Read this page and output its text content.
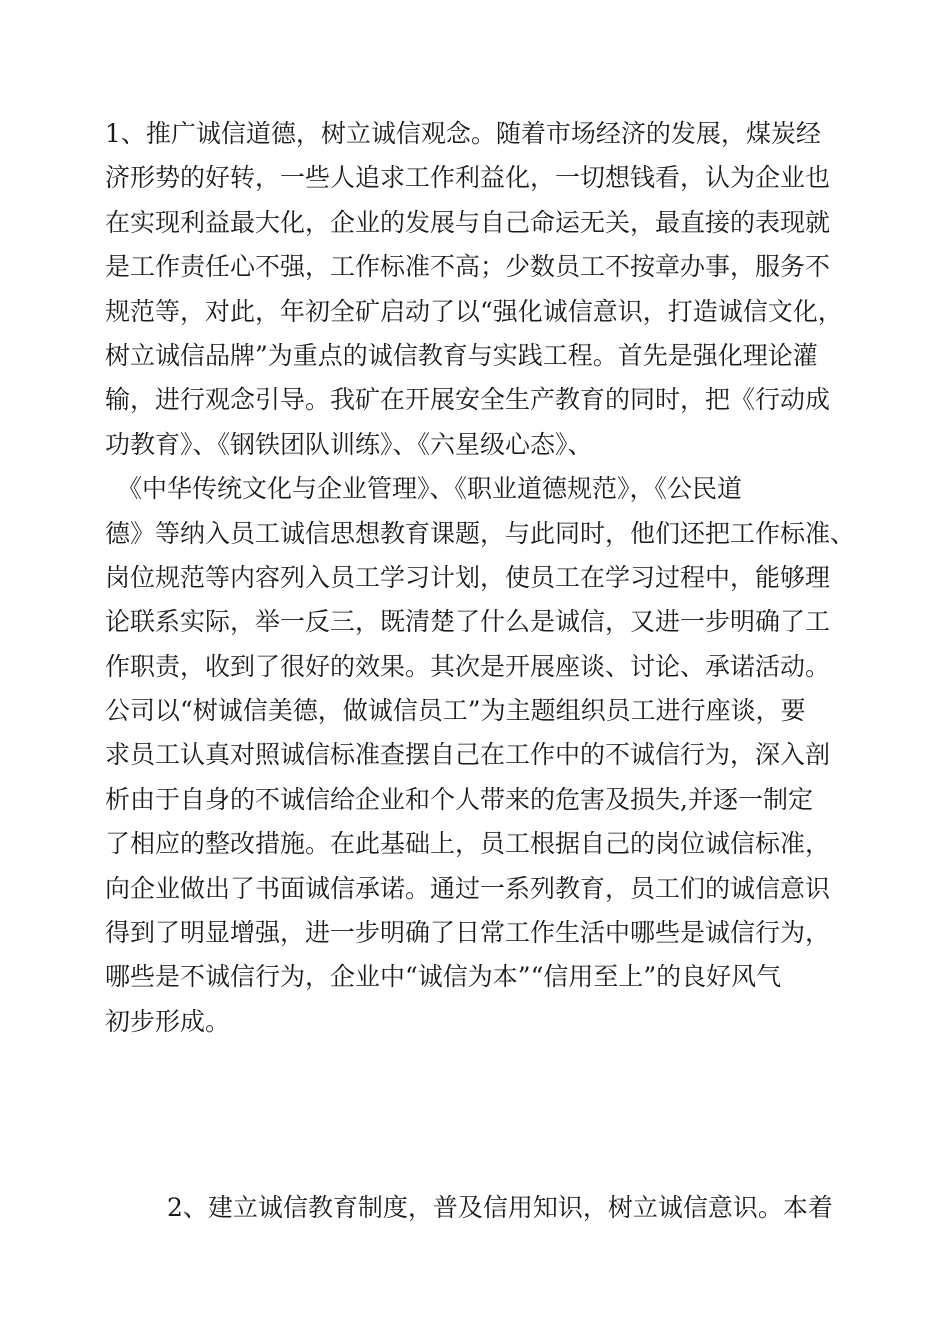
1、推广诚信道德，树立诚信观念。随着市场经济的发展，煤炭经
济形势的好转，一些人追求工作利益化，一切想钱看，认为企业也
在实现利益最大化，企业的发展与自己命运无关，最直接的表现就
是工作责任心不强，工作标准不高；少数员工不按章办事，服务不
规范等，对此，年初全矿启动了以“强化诚信意识，打造诚信文化，
树立诚信品牌”为重点的诚信教育与实践工程。首先是强化理论灌
输，进行观念引导。我矿在开展安全生产教育的同时，把《行动成
功教育》、《钢铁团队训练》、《六星级心态》、
《中华传统文化与企业管理》、《职业道德规范》，《公民道
德》等纳入员工诚信思想教育课题，与此同时，他们还把工作标准、
岗位规范等内容列入员工学习计划，使员工在学习过程中，能够理
论联系实际，举一反三，既清楚了什么是诚信，又进一步明确了工
作职责，收到了很好的效果。其次是开展座谈、讨论、承诺活动。
公司以“树诚信美德，做诚信员工”为主题组织员工进行座谈，要
求员工认真对照诚信标准查摆自己在工作中的不诚信行为，深入剖
析由于自身的不诚信给企业和个人带来的危害及损失,并逐一制定
了相应的整改措施。在此基础上，员工根据自己的岗位诚信标准，
向企业做出了书面诚信承诺。通过一系列教育，员工们的诚信意识
得到了明显增强，进一步明确了日常工作生活中哪些是诚信行为，
哪些是不诚信行为，企业中“诚信为本”“信用至上”的良好风气
初步形成。
2、建立诚信教育制度，普及信用知识，树立诚信意识。本着
